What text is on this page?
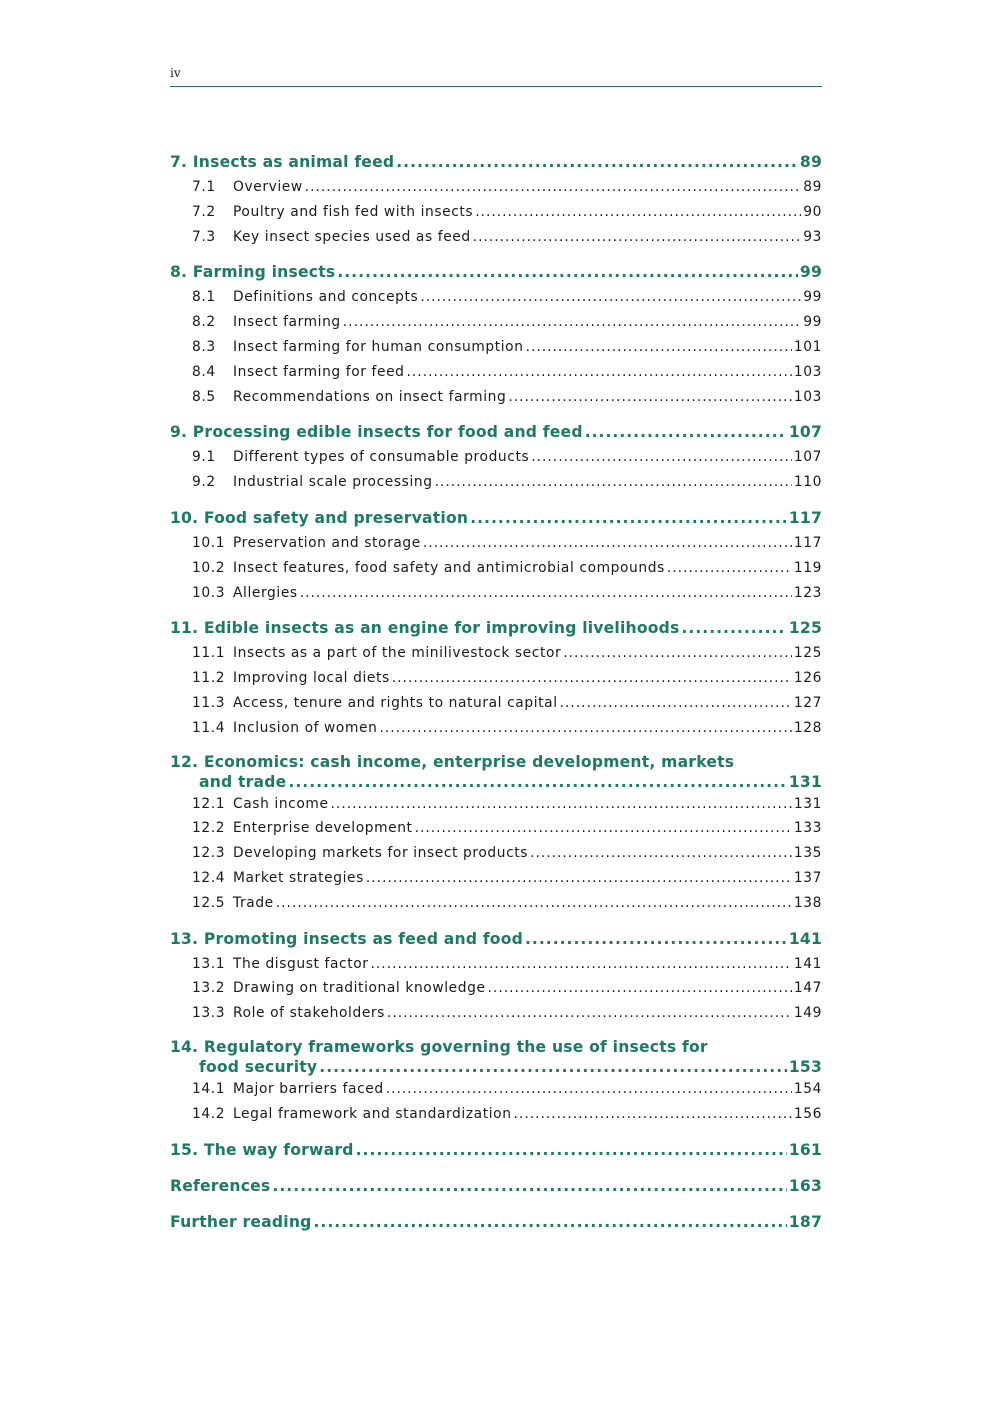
iv
7. Insects as animal feed .....	89
7.1	Overview .....	89
7.2	Poultry and fish fed with insects .....	90
7.3	Key insect species used as feed .....	93
8. Farming insects .....	99
8.1	Definitions and concepts .....	99
8.2	Insect farming .....	99
8.3	Insect farming for human consumption .....	101
8.4	Insect farming for feed .....	103
8.5	Recommendations on insect farming .....	103
9. Processing edible insects for food and feed .....	107
9.1	Different types of consumable products .....	107
9.2	Industrial scale processing .....	110
10. Food safety and preservation .....	117
10.1 Preservation and storage .....	117
10.2 Insect features, food safety and antimicrobial compounds .....	119
10.3 Allergies .....	123
11. Edible insects as an engine for improving livelihoods .....	125
11.1 Insects as a part of the minilivestock sector .....	125
11.2 Improving local diets .....	126
11.3 Access, tenure and rights to natural capital .....	127
11.4 Inclusion of women .....	128
12. Economics: cash income, enterprise development, markets
and trade .....	131
12.1 Cash income .....	131
12.2 Enterprise development .....	133
12.3 Developing markets for insect products .....	135
12.4 Market strategies .....	137
12.5 Trade .....	138
13. Promoting insects as feed and food .....	141
13.1 The disgust factor .....	141
13.2 Drawing on traditional knowledge .....	147
13.3 Role of stakeholders .....	149
14. Regulatory frameworks governing the use of insects for
food security .....	153
14.1 Major barriers faced .....	154
14.2 Legal framework and standardization .....	156
15. The way forward .....	161
References .....	163
Further reading .....	187
